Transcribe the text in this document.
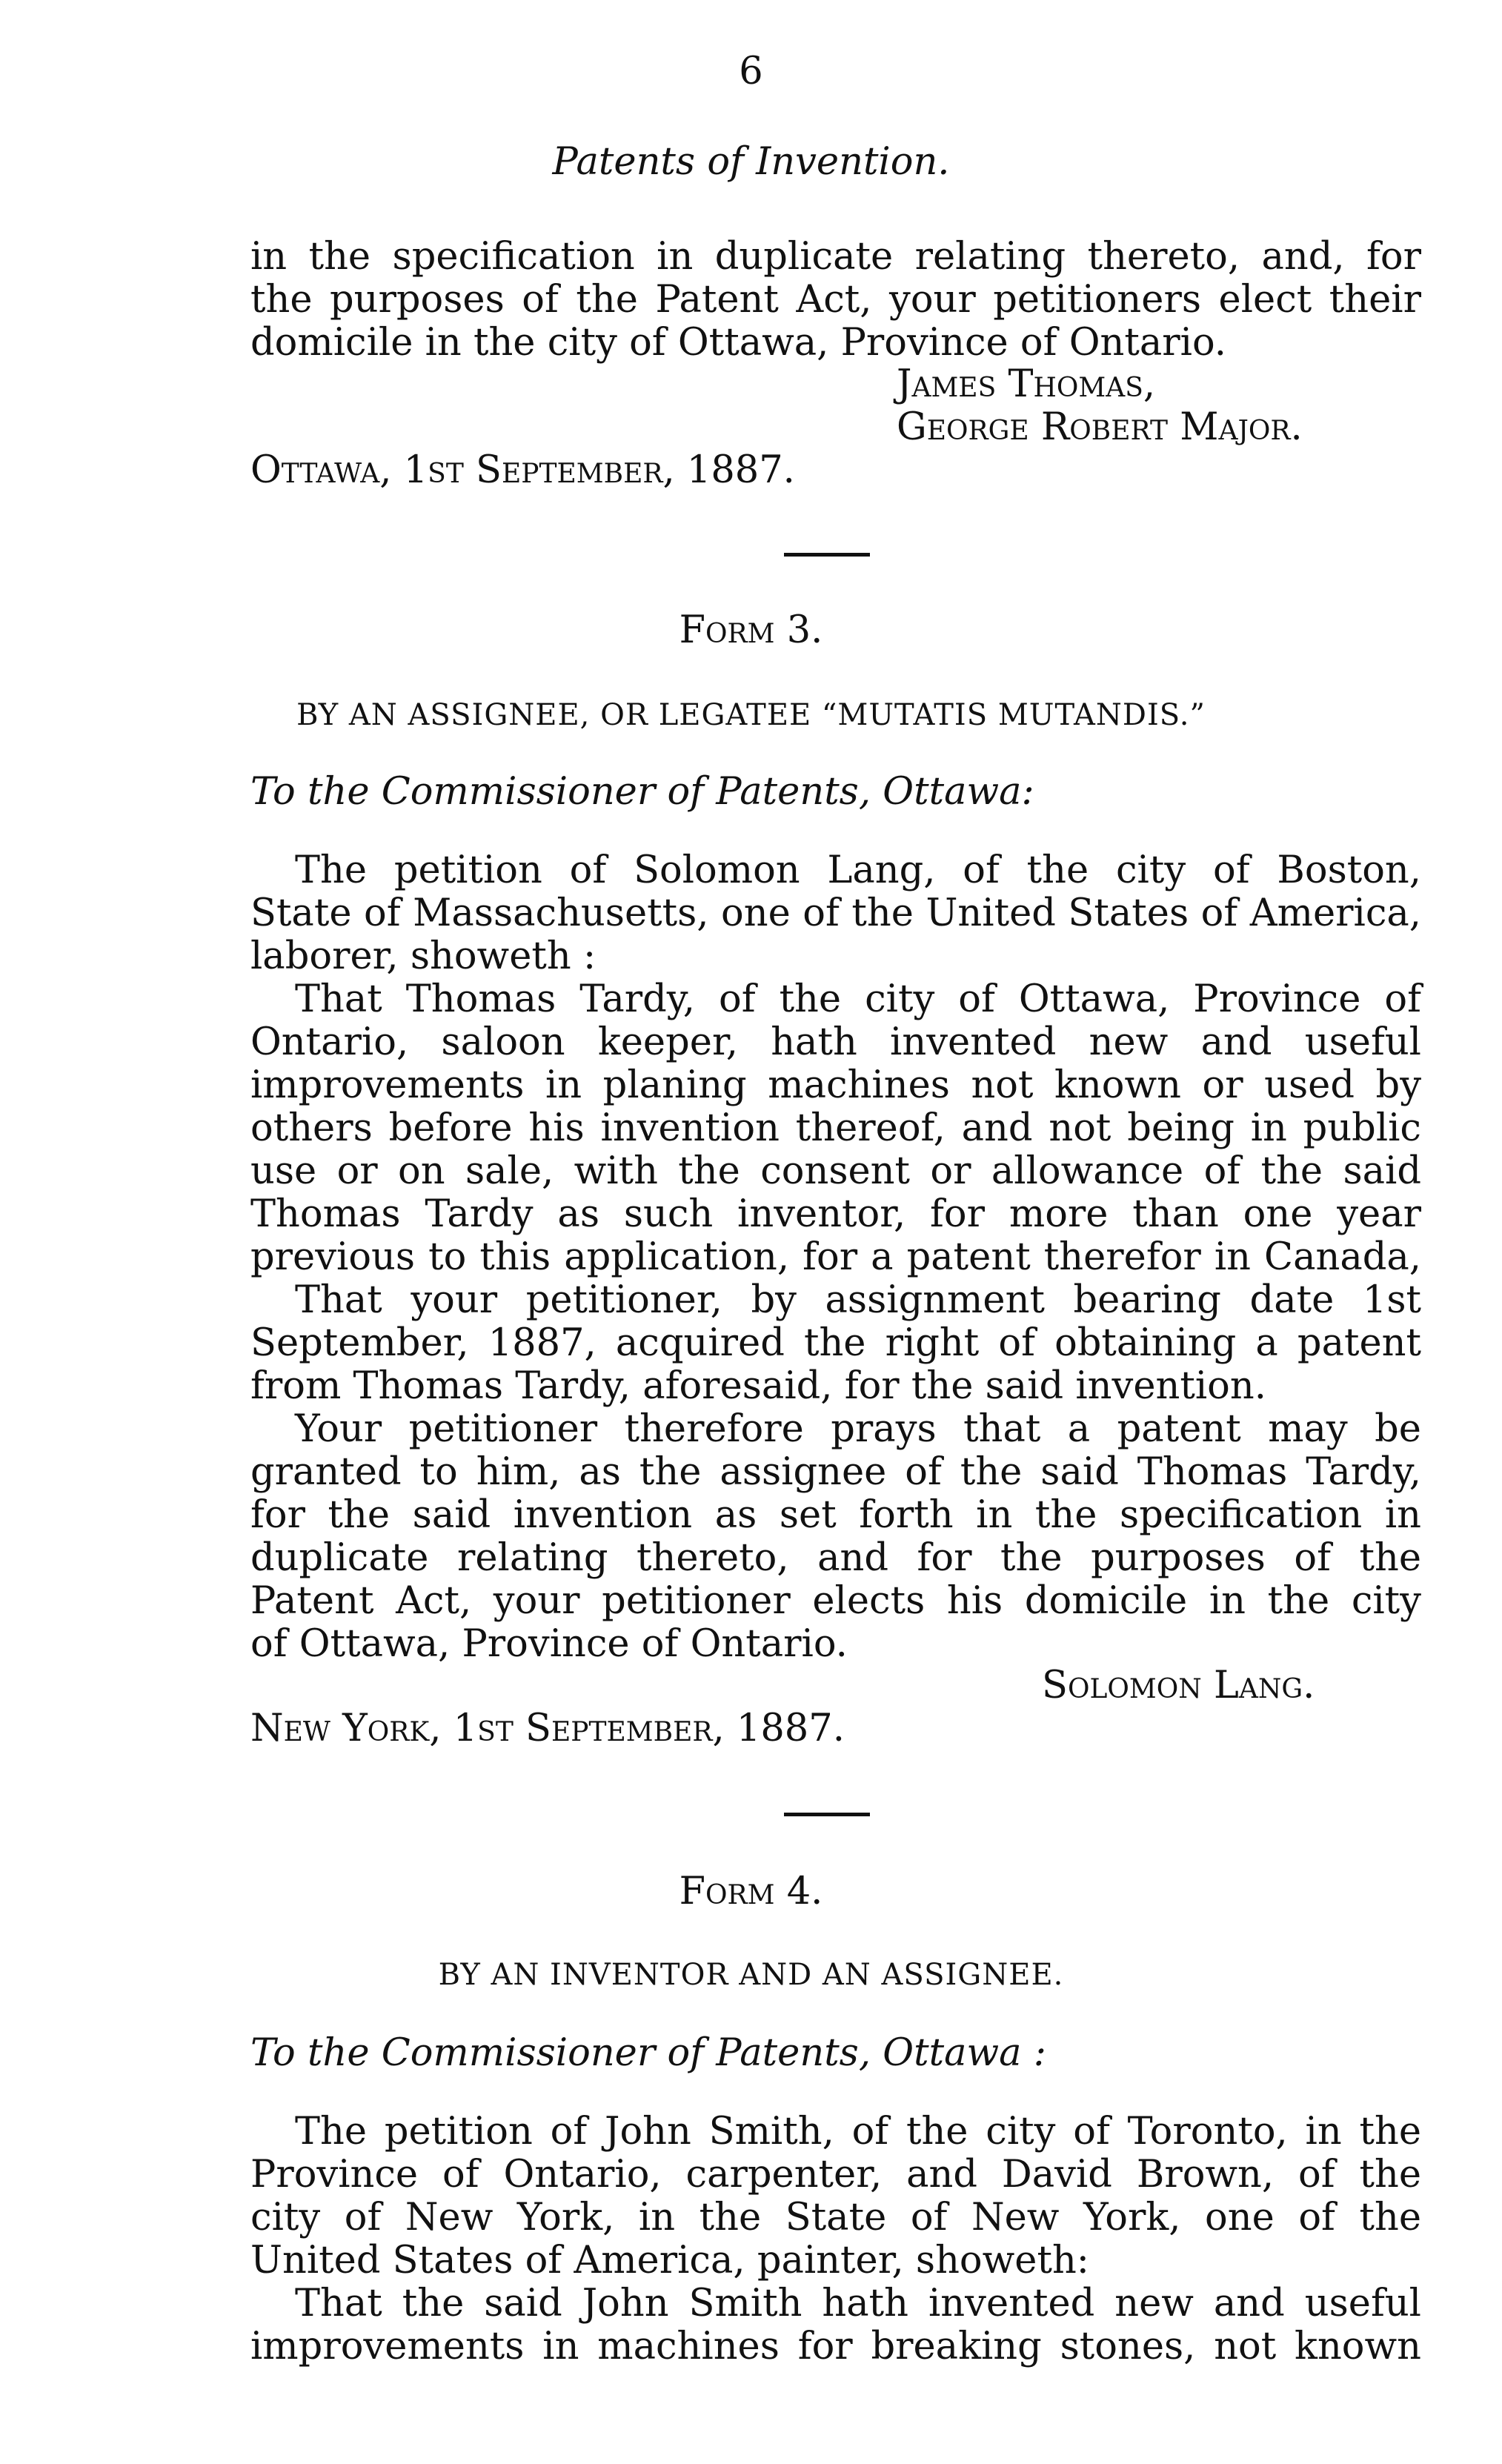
6
Patents of Invention.
in the specification in duplicate relating thereto, and, for
the purposes of the Patent Act, your petitioners elect their
domicile in the city of Ottawa, Province of Ontario.
James Thomas,
George Robert Major.
Ottawa, 1st September, 1887.
Form 3.
BY AN ASSIGNEE, OR LEGATEE “MUTATIS MUTANDIS.”
To the Commissioner of Patents, Ottawa:
The petition of Solomon Lang, of the city of Boston,
State of Massachusetts, one of the United States of America,
laborer, showeth :
That Thomas Tardy, of the city of Ottawa, Province of
Ontario, saloon keeper, hath invented new and useful
improvements in planing machines not known or used by
others before his invention thereof, and not being in public
use or on sale, with the consent or allowance of the said
Thomas Tardy as such inventor, for more than one year
previous to this application, for a patent therefor in Canada,
That your petitioner, by assignment bearing date 1st
September, 1887, acquired the right of obtaining a patent
from Thomas Tardy, aforesaid, for the said invention.
Your petitioner therefore prays that a patent may be
granted to him, as the assignee of the said Thomas Tardy,
for the said invention as set forth in the specification in
duplicate relating thereto, and for the purposes of the
Patent Act, your petitioner elects his domicile in the city
of Ottawa, Province of Ontario.
Solomon Lang.
New York, 1st September, 1887.
Form 4.
BY AN INVENTOR AND AN ASSIGNEE.
To the Commissioner of Patents, Ottawa :
The petition of John Smith, of the city of Toronto, in the
Province of Ontario, carpenter, and David Brown, of the
city of New York, in the State of New York, one of the
United States of America, painter, showeth:
That the said John Smith hath invented new and useful
improvements in machines for breaking stones, not known
